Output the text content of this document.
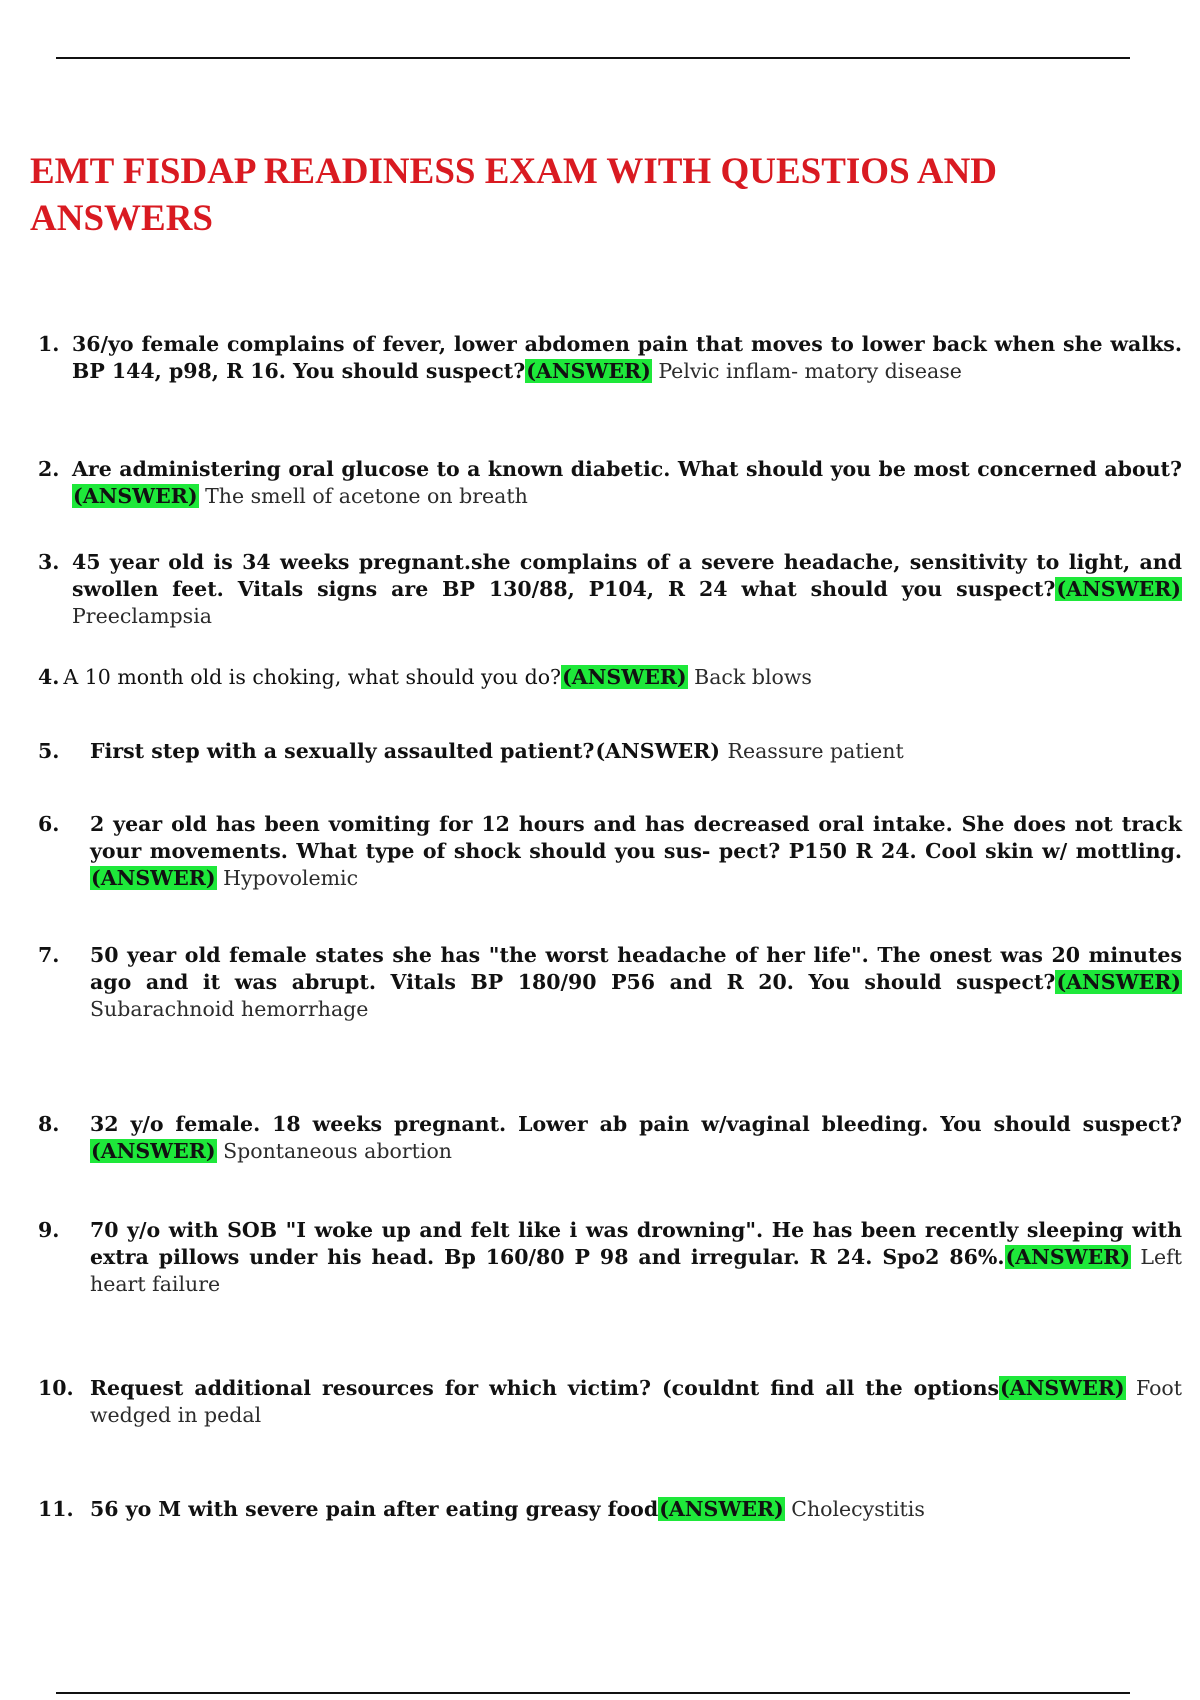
EMT FISDAP READINESS EXAM WITH QUESTIOS AND ANSWERS

1. 36/yo female complains of fever, lower abdomen pain that moves to lower back when she walks. BP 144, p98, R 16. You should suspect?(ANSWER) Pelvic inflam- matory disease

2. Are administering oral glucose to a known diabetic. What should you be most concerned about? (ANSWER) The smell of acetone on breath

3. 45 year old is 34 weeks pregnant.she complains of a severe headache, sensitivity to light, and swollen feet. Vitals signs are BP 130/88, P104, R 24 what should you suspect?(ANSWER) Preeclampsia

4. A 10 month old is choking, what should you do?(ANSWER) Back blows

5. First step with a sexually assaulted patient?(ANSWER) Reassure patient

6. 2 year old has been vomiting for 12 hours and has decreased oral intake. She does not track your movements. What type of shock should you sus- pect? P150 R 24. Cool skin w/ mottling.(ANSWER) Hypovolemic

7. 50 year old female states she has "the worst headache of her life". The onest was 20 minutes ago and it was abrupt. Vitals BP 180/90 P56 and R 20. You should suspect?(ANSWER) Subarachnoid hemorrhage

8. 32 y/o female. 18 weeks pregnant. Lower ab pain w/vaginal bleeding. You should suspect? (ANSWER) Spontaneous abortion

9. 70 y/o with SOB "I woke up and felt like i was drowning". He has been recently sleeping with extra pillows under his head. Bp 160/80 P 98 and irregular. R 24. Spo2 86%.(ANSWER) Left heart failure

10. Request additional resources for which victim? (couldnt find all the options(ANSWER) Foot wedged in pedal

11. 56 yo M with severe pain after eating greasy food(ANSWER) Cholecystitis
